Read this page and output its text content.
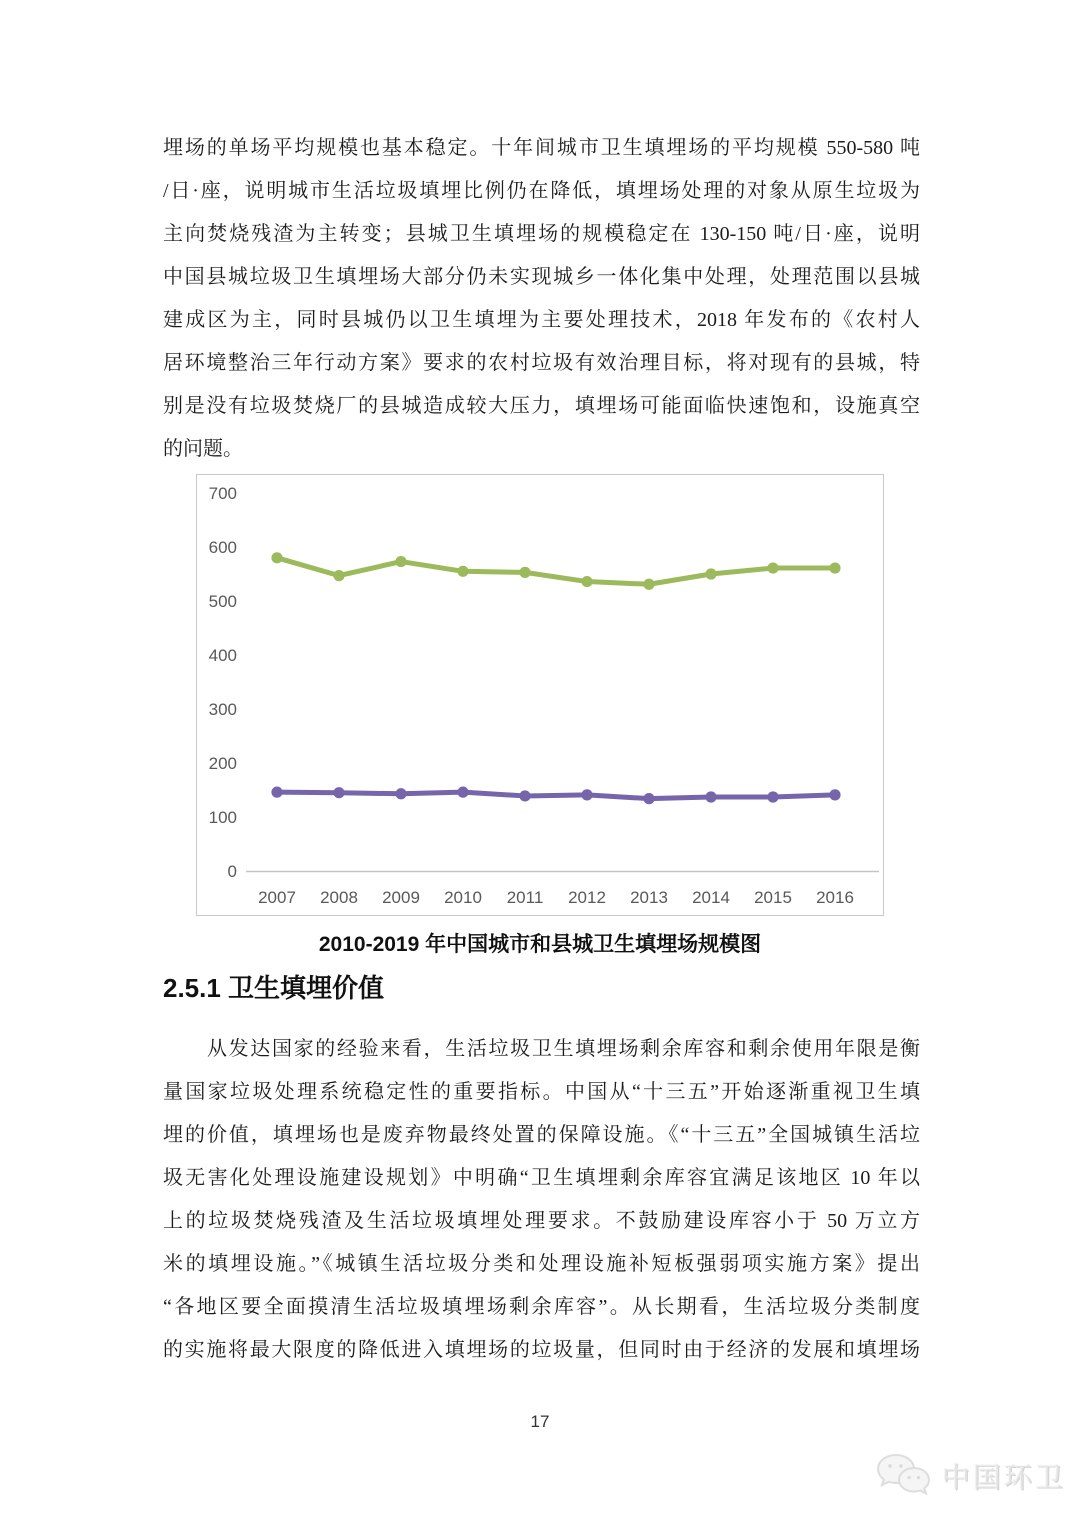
埋场的单场平均规模也基本稳定。十年间城市卫生填埋场的平均规模 550-580 吨
/日·座，说明城市生活垃圾填埋比例仍在降低，填埋场处理的对象从原生垃圾为
主向焚烧残渣为主转变；县城卫生填埋场的规模稳定在 130-150 吨/日·座，说明
中国县城垃圾卫生填埋场大部分仍未实现城乡一体化集中处理，处理范围以县城
建成区为主，同时县城仍以卫生填埋为主要处理技术，2018 年发布的《农村人
居环境整治三年行动方案》要求的农村垃圾有效治理目标，将对现有的县城，特
别是没有垃圾焚烧厂的县城造成较大压力，填埋场可能面临快速饱和，设施真空
的问题。
0
100
200
300
400
500
600
700
2007 2008 2009 2010 2011 2012 2013 2014 2015 2016
2010-2019 年中国城市和县城卫生填埋场规模图
2.5.1 卫生填埋价值
从发达国家的经验来看，生活垃圾卫生填埋场剩余库容和剩余使用年限是衡
量国家垃圾处理系统稳定性的重要指标。中国从“十三五”开始逐渐重视卫生填
埋的价值，填埋场也是废弃物最终处置的保障设施。《“十三五”全国城镇生活垃
圾无害化处理设施建设规划》中明确“卫生填埋剩余库容宜满足该地区 10 年以
上的垃圾焚烧残渣及生活垃圾填埋处理要求。不鼓励建设库容小于 50 万立方
米的填埋设施。”《城镇生活垃圾分类和处理设施补短板强弱项实施方案》提出
“各地区要全面摸清生活垃圾填埋场剩余库容”。从长期看，生活垃圾分类制度
的实施将最大限度的降低进入填埋场的垃圾量，但同时由于经济的发展和填埋场
17
中国环卫
